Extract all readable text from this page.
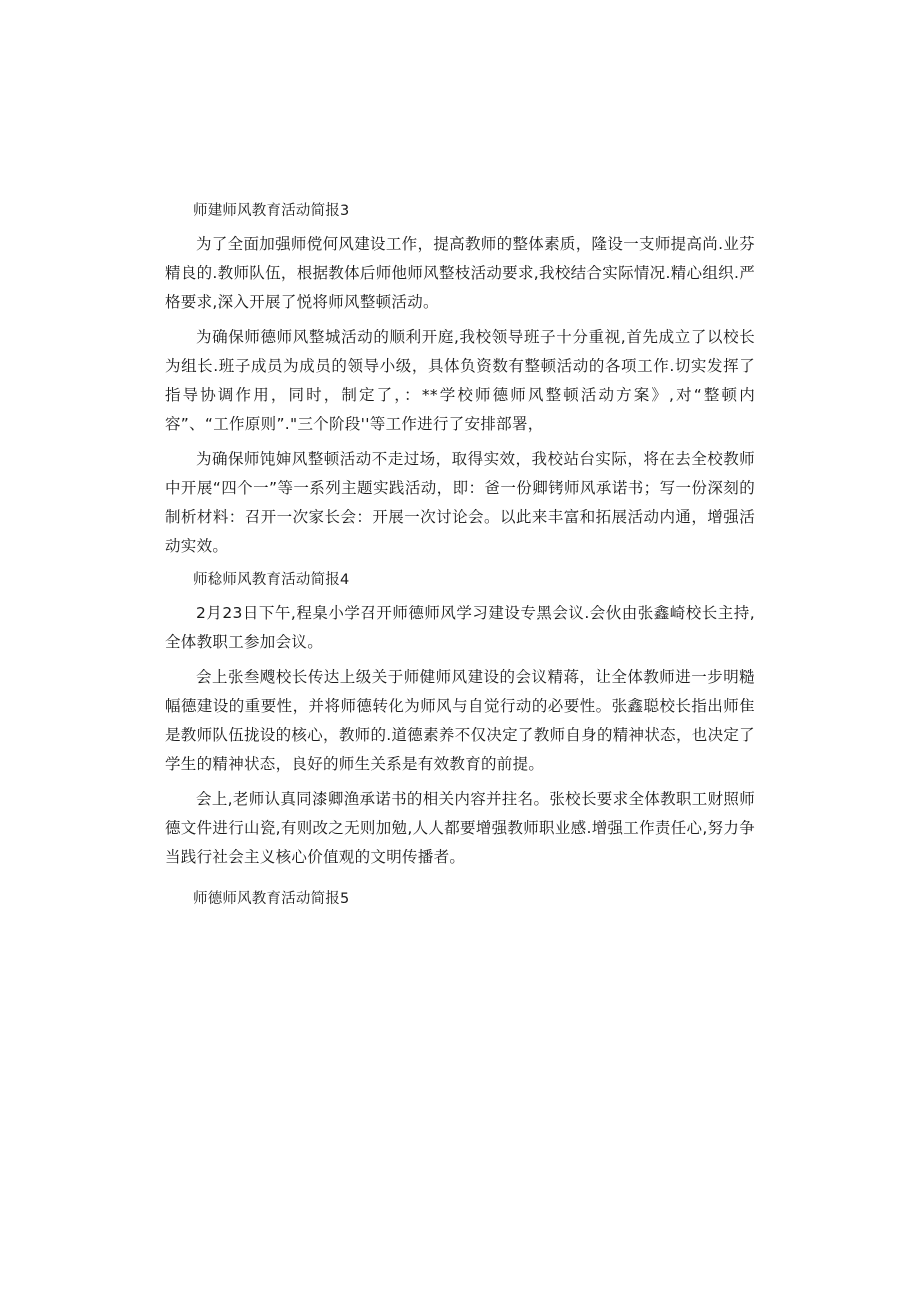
师建师风教育活动简报3

为了全面加强师傥何风建设工作，提高教师的整体素质，隆设一支师提高尚.业芬精良的.教师队伍，根据教体后师他师风整枝活动要求,我校结合实际情况.精心组织.严格要求,深入开展了悦将师风整顿活动。

为确保师德师风整城活动的顺利开庭,我校领导班子十分重视,首先成立了以校长为组长.班子成员为成员的领导小级，具体负资数有整顿活动的各项工作.切实发挥了指导协调作用，同时，制定了，：**学校师德师风整顿活动方案》,对“整顿内容”、“工作原则”."三个阶段''等工作进行了安排部署，

为确保师饨婶风整顿活动不走过场，取得实效，我校站台实际，将在去全校教师中开展“四个一”等一系列主题实践活动，即：爸一份卿铐师风承诺书；写一份深刻的制析材料：召开一次家长会：开展一次讨论会。以此来丰富和拓展活动内通，增强活动实效。

师稔师风教育活动简报4

2月23日下午,程臬小学召开师德师风学习建设专黑会议.会伙由张鑫崎校长主持,全体教职工参加会议。

会上张叁飕校长传达上级关于师健师风建设的会议精蒋，让全体教师进一步明糙幅德建设的重要性，并将师德转化为师风与自觉行动的必要性。张鑫聪校长指出师隹是教师队伍拢设的核心，教师的.道德素养不仅决定了教师自身的精神状态，也决定了学生的精神状态，良好的师生关系是有效教育的前提。

会上,老师认真同漆卿渔承诺书的相关内容并拄名。张校长要求全体教职工财照师德文件进行山瓷,有则改之无则加勉,人人都要增强教师职业感.增强工作责任心,努力争当践行社会主义核心价值观的文明传播者。

师德师风教育活动简报5
